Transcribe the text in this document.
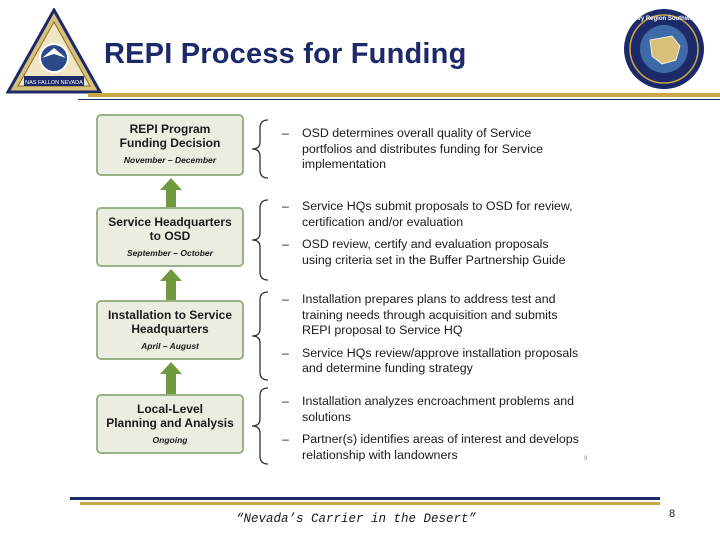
NAS FALLON NEVADA
REPI Process for Funding
Navy Region Southwest
REPI Program
Funding Decision
November – December
Service Headquarters
to OSD
September – October
Installation to Service
Headquarters
April – August
Local-Level
Planning and Analysis
Ongoing
– OSD determines overall quality of Service portfolios and distributes funding for Service implementation
– Service HQs submit proposals to OSD for review, certification and/or evaluation
– OSD review, certify and evaluation proposals using criteria set in the Buffer Partnership Guide
– Installation prepares plans to address test and training needs through acquisition and submits REPI proposal to Service HQ
– Service HQs review/approve installation proposals and determine funding strategy
– Installation analyzes encroachment problems and solutions
– Partner(s) identifies areas of interest and develops relationship with landowners	9
“Nevada’s Carrier in the Desert”	8
